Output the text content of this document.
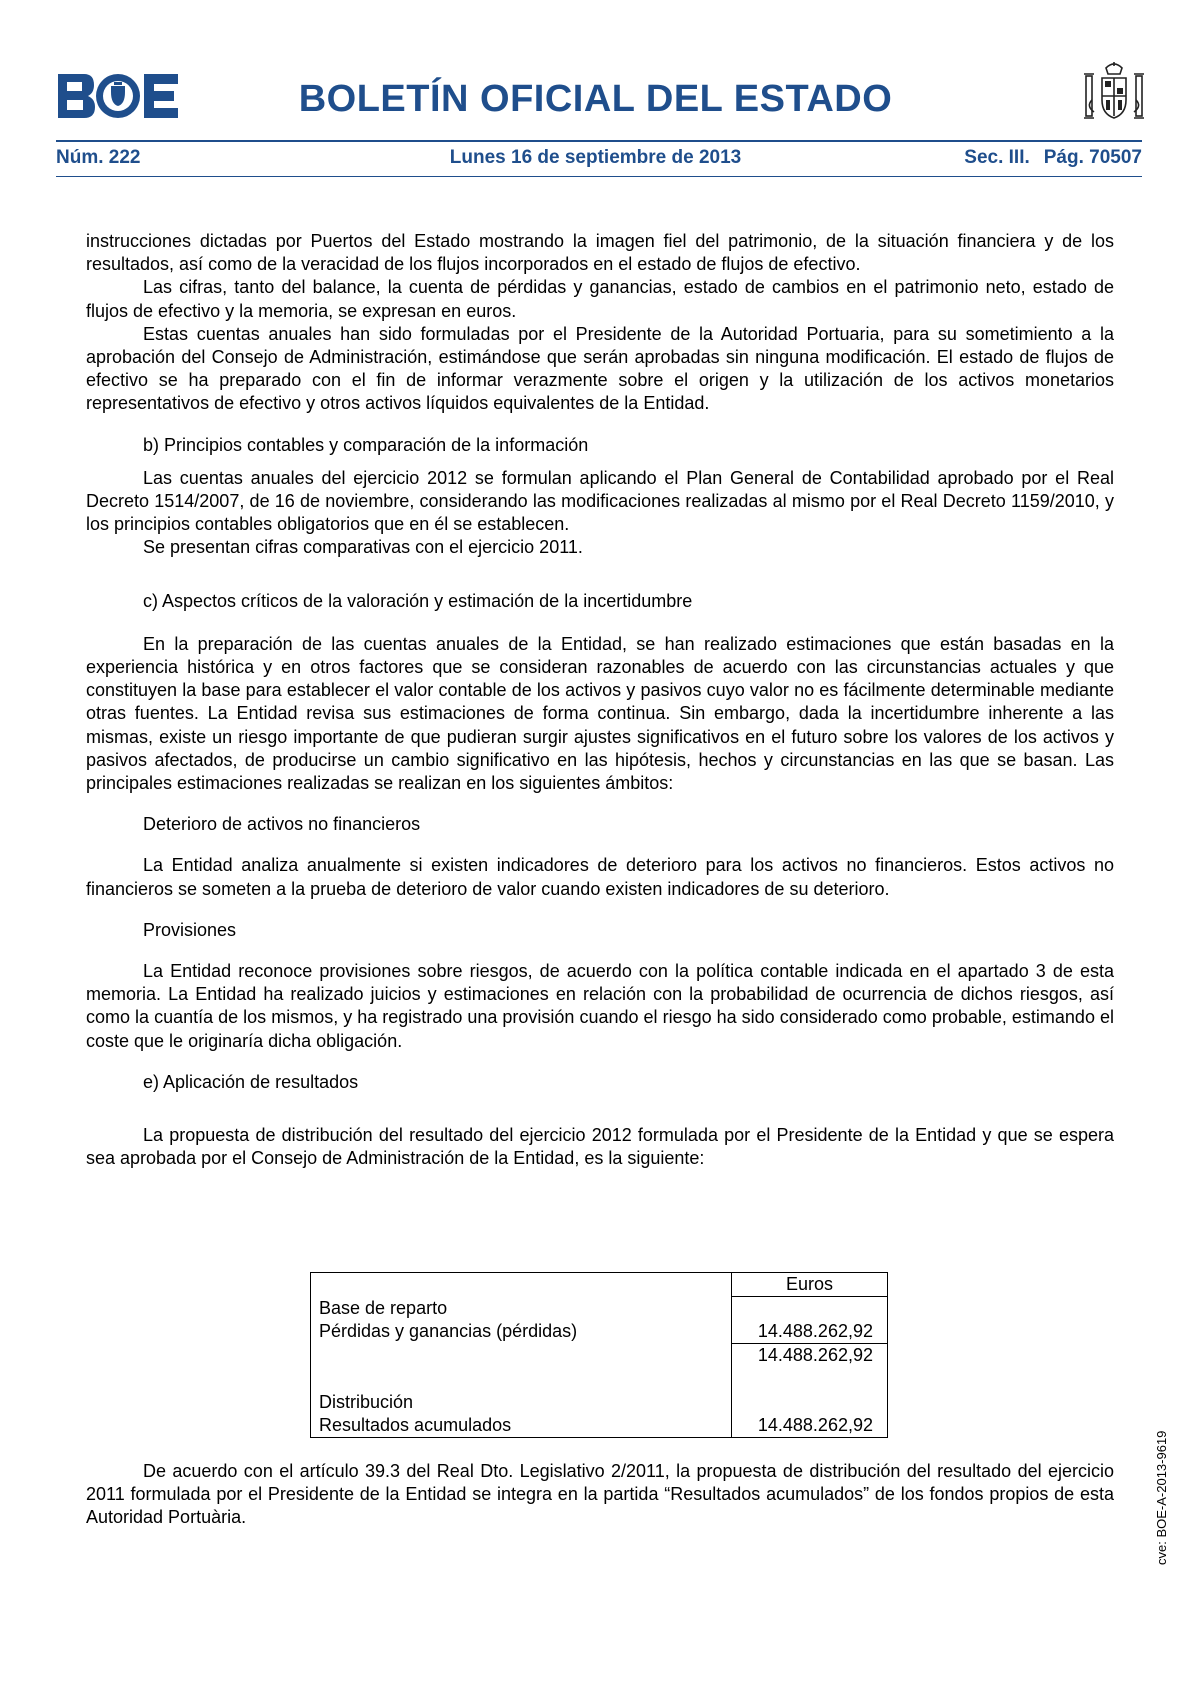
BOLETÍN OFICIAL DEL ESTADO
Núm. 222	Lunes 16 de septiembre de 2013	Sec. III. Pág. 70507

instrucciones dictadas por Puertos del Estado mostrando la imagen fiel del patrimonio, de la situación financiera y de los resultados, así como de la veracidad de los flujos incorporados en el estado de flujos de efectivo.

Las cifras, tanto del balance, la cuenta de pérdidas y ganancias, estado de cambios en el patrimonio neto, estado de flujos de efectivo y la memoria, se expresan en euros.

Estas cuentas anuales han sido formuladas por el Presidente de la Autoridad Portuaria, para su sometimiento a la aprobación del Consejo de Administración, estimándose que serán aprobadas sin ninguna modificación. El estado de flujos de efectivo se ha preparado con el fin de informar verazmente sobre el origen y la utilización de los activos monetarios representativos de efectivo y otros activos líquidos equivalentes de la Entidad.

b) Principios contables y comparación de la información

Las cuentas anuales del ejercicio 2012 se formulan aplicando el Plan General de Contabilidad aprobado por el Real Decreto 1514/2007, de 16 de noviembre, considerando las modificaciones realizadas al mismo por el Real Decreto 1159/2010, y los principios contables obligatorios que en él se establecen.

Se presentan cifras comparativas con el ejercicio 2011.

c) Aspectos críticos de la valoración y estimación de la incertidumbre

En la preparación de las cuentas anuales de la Entidad, se han realizado estimaciones que están basadas en la experiencia histórica y en otros factores que se consideran razonables de acuerdo con las circunstancias actuales y que constituyen la base para establecer el valor contable de los activos y pasivos cuyo valor no es fácilmente determinable mediante otras fuentes. La Entidad revisa sus estimaciones de forma continua. Sin embargo, dada la incertidumbre inherente a las mismas, existe un riesgo importante de que pudieran surgir ajustes significativos en el futuro sobre los valores de los activos y pasivos afectados, de producirse un cambio significativo en las hipótesis, hechos y circunstancias en las que se basan. Las principales estimaciones realizadas se realizan en los siguientes ámbitos:

Deterioro de activos no financieros

La Entidad analiza anualmente si existen indicadores de deterioro para los activos no financieros. Estos activos no financieros se someten a la prueba de deterioro de valor cuando existen indicadores de su deterioro.

Provisiones

La Entidad reconoce provisiones sobre riesgos, de acuerdo con la política contable indicada en el apartado 3 de esta memoria. La Entidad ha realizado juicios y estimaciones en relación con la probabilidad de ocurrencia de dichos riesgos, así como la cuantía de los mismos, y ha registrado una provisión cuando el riesgo ha sido considerado como probable, estimando el coste que le originaría dicha obligación.

e) Aplicación de resultados

La propuesta de distribución del resultado del ejercicio 2012 formulada por el Presidente de la Entidad y que se espera sea aprobada por el Consejo de Administración de la Entidad, es la siguiente:

	Euros
Base de reparto	
Pérdidas y ganancias (pérdidas)	14.488.262,92
	14.488.262,92

Distribución	
Resultados acumulados	14.488.262,92

De acuerdo con el artículo 39.3 del Real Dto. Legislativo 2/2011, la propuesta de distribución del resultado del ejercicio 2011 formulada por el Presidente de la Entidad se integra en la partida “Resultados acumulados” de los fondos propios de esta Autoridad Portuària.	cve: BOE-A-2013-9619
